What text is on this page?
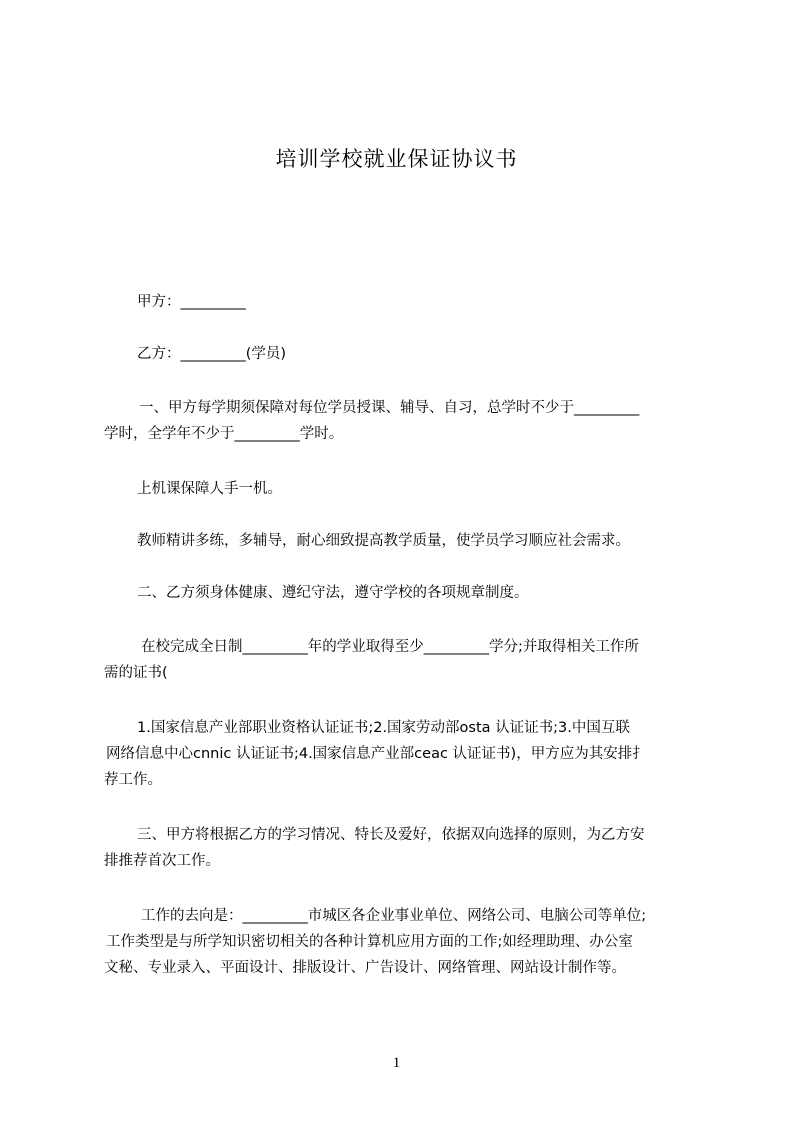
培训学校就业保证协议书
甲方：_________
乙方：_________(学员)
一、甲方每学期须保障对每位学员授课、辅导、自习，总学时不少于_________
学时，全学年不少于_________学时。
上机课保障人手一机。
教师精讲多练，多辅导，耐心细致提高教学质量，使学员学习顺应社会需求。
二、乙方须身体健康、遵纪守法，遵守学校的各项规章制度。
在校完成全日制_________年的学业取得至少_________学分;并取得相关工作所
需的证书(
1.国家信息产业部职业资格认证证书;2.国家劳动部osta 认证证书;3.中国互联
网络信息中心cnnic 认证证书;4.国家信息产业部ceac 认证证书)，甲方应为其安排扌
荐工作。
三、甲方将根据乙方的学习情况、特长及爱好，依据双向选择的原则，为乙方安
排推荐首次工作。
工作的去向是：_________市城区各企业事业单位、网络公司、电脑公司等单位;
工作类型是与所学知识密切相关的各种计算机应用方面的工作;如经理助理、办公室
文秘、专业录入、平面设计、排版设计、广告设计、网络管理、网站设计制作等。
1
